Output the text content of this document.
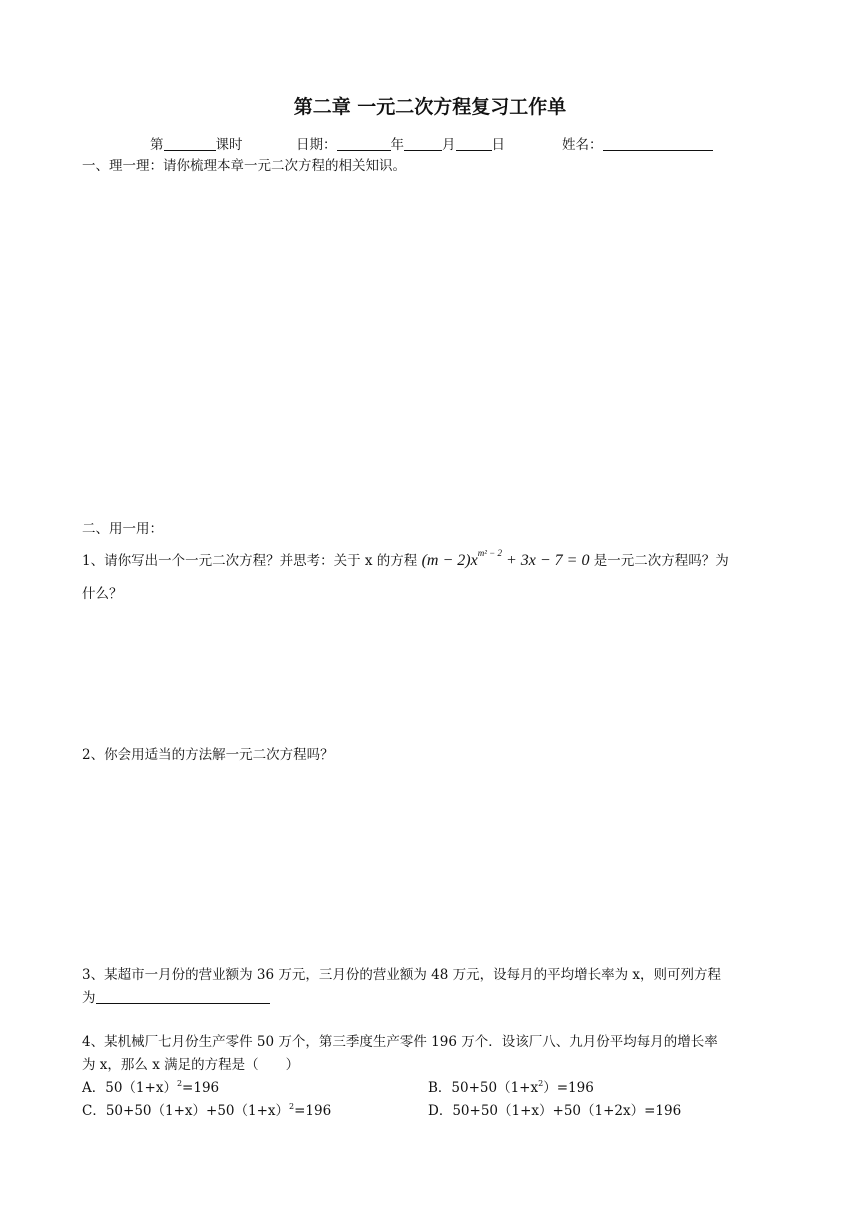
第二章 一元二次方程复习工作单
第	课时	日期：	年	月	日	姓名：
一、理一理：请你梳理本章一元二次方程的相关知识。
二、用一用：
1、请你写出一个一元二次方程？并思考：关于 x 的方程 $(m - 2)x^{m^2 - 2} + 3x - 7 = 0$ 是一元二次方程吗？为
什么？
2、你会用适当的方法解一元二次方程吗？
3、某超市一月份的营业额为 36 万元，三月份的营业额为 48 万元，设每月的平均增长率为 x，则可列方程
为
4、某机械厂七月份生产零件 50 万个，第三季度生产零件 196 万个．设该厂八、九月份平均每月的增长率
为 x，那么 x 满足的方程是（　　）
A．$50(1+x)^2=196$	B．$50+50(1+x^2)=196$
C．$50+50(1+x)+50(1+x)^2=196$	D．50+50（1+x）+50（1+2x）=196
